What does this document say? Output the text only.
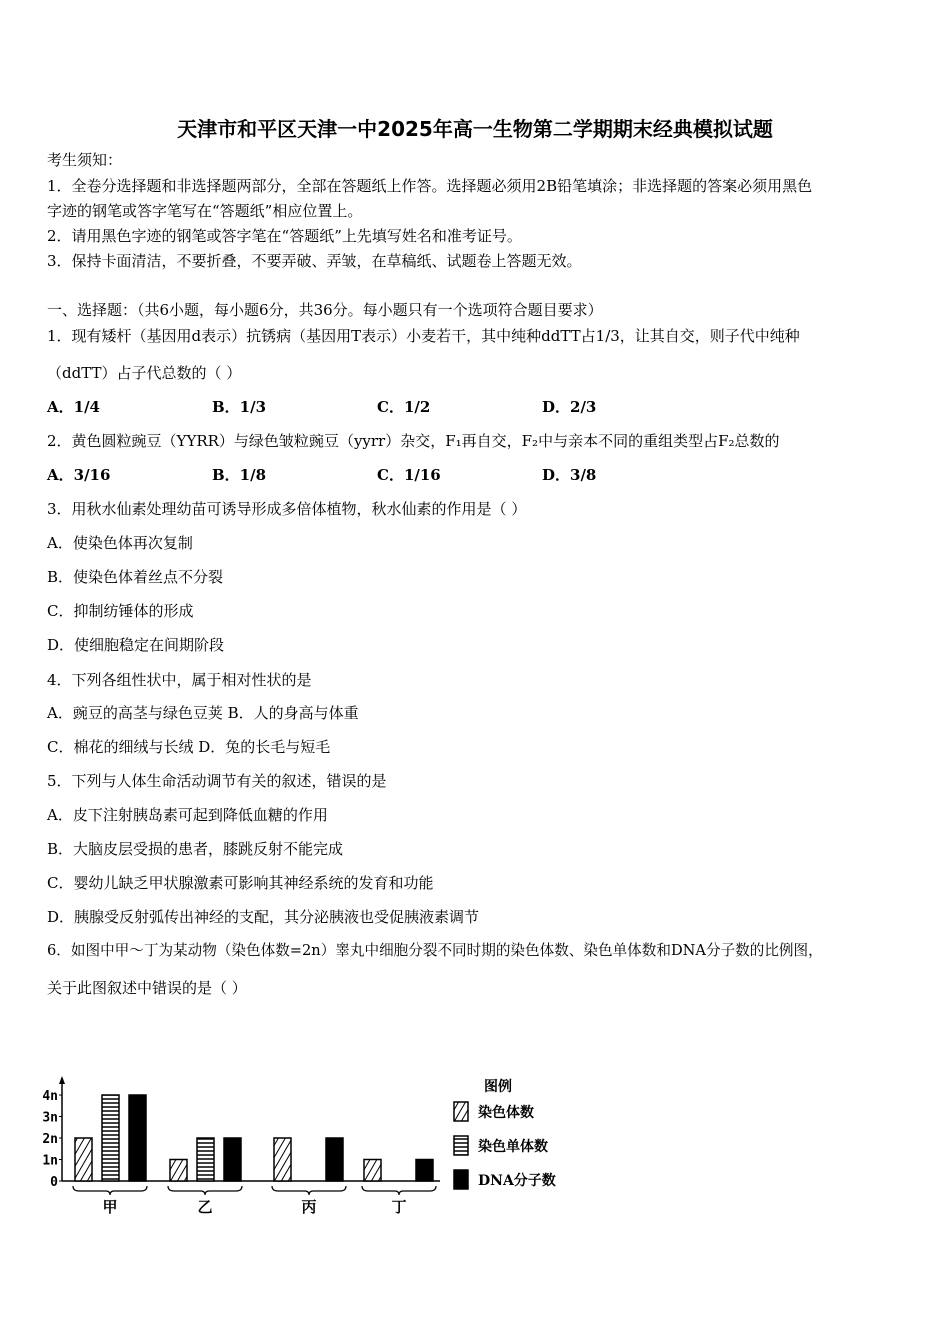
天津市和平区天津一中2025年高一生物第二学期期末经典模拟试题
考生须知：
1．全卷分选择题和非选择题两部分，全部在答题纸上作答。选择题必须用2B铅笔填涂；非选择题的答案必须用黑色
字迹的钢笔或答字笔写在“答题纸”相应位置上。
2．请用黑色字迹的钢笔或答字笔在“答题纸”上先填写姓名和准考证号。
3．保持卡面清洁，不要折叠，不要弄破、弄皱，在草稿纸、试题卷上答题无效。
一、选择题：（共6小题，每小题6分，共36分。每小题只有一个选项符合题目要求）
1．现有矮杆（基因用d表示）抗锈病（基因用T表示）小麦若干，其中纯种ddTT占1/3，让其自交，则子代中纯种
（ddTT）占子代总数的（ ）
A．1/4	B．1/3	C．1/2	D．2/3
2．黄色圆粒豌豆（YYRR）与绿色皱粒豌豆（yyrr）杂交，F₁再自交，F₂中与亲本不同的重组类型占F₂总数的
A．3/16	B．1/8	C．1/16	D．3/8
3．用秋水仙素处理幼苗可诱导形成多倍体植物，秋水仙素的作用是（ ）
A．使染色体再次复制
B．使染色体着丝点不分裂
C．抑制纺锤体的形成
D．使细胞稳定在间期阶段
4．下列各组性状中，属于相对性状的是
A．豌豆的高茎与绿色豆荚 B．人的身高与体重
C．棉花的细绒与长绒 D．兔的长毛与短毛
5．下列与人体生命活动调节有关的叙述，错误的是
A．皮下注射胰岛素可起到降低血糖的作用
B．大脑皮层受损的患者，膝跳反射不能完成
C．婴幼儿缺乏甲状腺激素可影响其神经系统的发育和功能
D．胰腺受反射弧传出神经的支配，其分泌胰液也受促胰液素调节
6．如图中甲～丁为某动物（染色体数=2n）睾丸中细胞分裂不同时期的染色体数、染色单体数和DNA分子数的比例图，
关于此图叙述中错误的是（ ）
0
1n
2n
3n
4n
甲	乙	丙	丁
图例
染色体数
染色单体数
DNA分子数
